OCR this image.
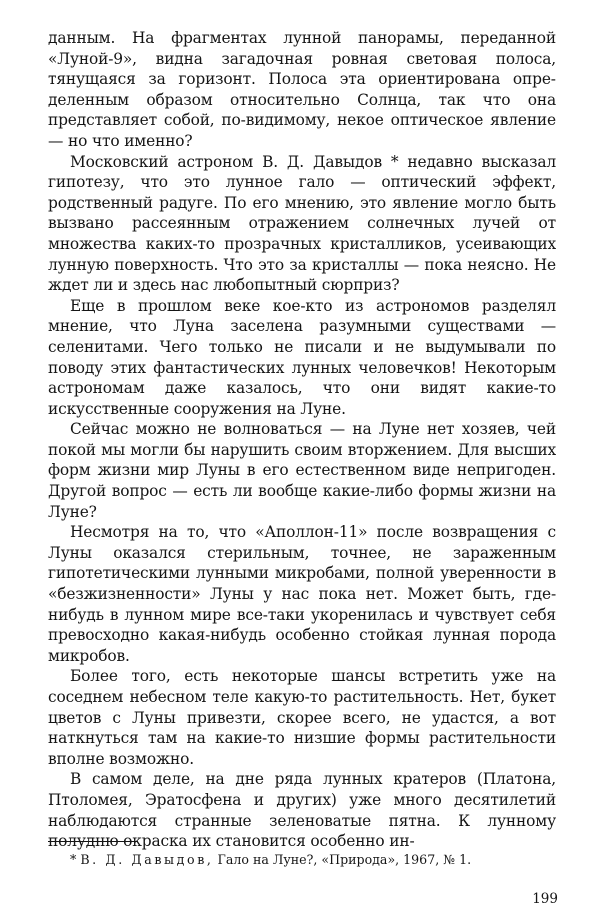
данным. На фрагментах лунной панорамы, переданной «Луной-9», видна загадочная ровная световая полоса, тянущаяся за горизонт. Полоса эта ориентирована определенным образом относительно Солнца, так что она представляет собой, по-видимому, некое оптическое явление — но что именно?

Московский астроном В. Д. Давыдов * недавно высказал гипотезу, что это лунное гало — оптический эффект, родственный радуге. По его мнению, это явление могло быть вызвано рассеянным отражением солнечных лучей от множества каких-то прозрачных кристалликов, усеивающих лунную поверхность. Что это за кристаллы — пока неясно. Не ждет ли и здесь нас любопытный сюрприз?

Еще в прошлом веке кое-кто из астрономов разделял мнение, что Луна заселена разумными существами — селенитами. Чего только не писали и не выдумывали по поводу этих фантастических лунных человечков! Некоторым астрономам даже казалось, что они видят какие-то искусственные сооружения на Луне.

Сейчас можно не волноваться — на Луне нет хозяев, чей покой мы могли бы нарушить своим вторжением. Для высших форм жизни мир Луны в его естественном виде непригоден. Другой вопрос — есть ли вообще какие-либо формы жизни на Луне?

Несмотря на то, что «Аполлон-11» после возвращения с Луны оказался стерильным, точнее, не зараженным гипотетическими лунными микробами, полной уверенности в «безжизненности» Луны у нас пока нет. Может быть, где-нибудь в лунном мире все-таки укоренилась и чувствует себя превосходно какая-нибудь особенно стойкая лунная порода микробов.

Более того, есть некоторые шансы встретить уже на соседнем небесном теле какую-то растительность. Нет, букет цветов с Луны привезти, скорее всего, не удастся, а вот наткнуться там на какие-то низшие формы растительности вполне возможно.

В самом деле, на дне ряда лунных кратеров (Платона, Птоломея, Эратосфена и других) уже много десятилетий наблюдаются странные зеленоватые пятна. К лунному полудню окраска их становится особенно ин-

* В. Д. Давыдов, Гало на Луне?, «Природа», 1967, № 1.

199
